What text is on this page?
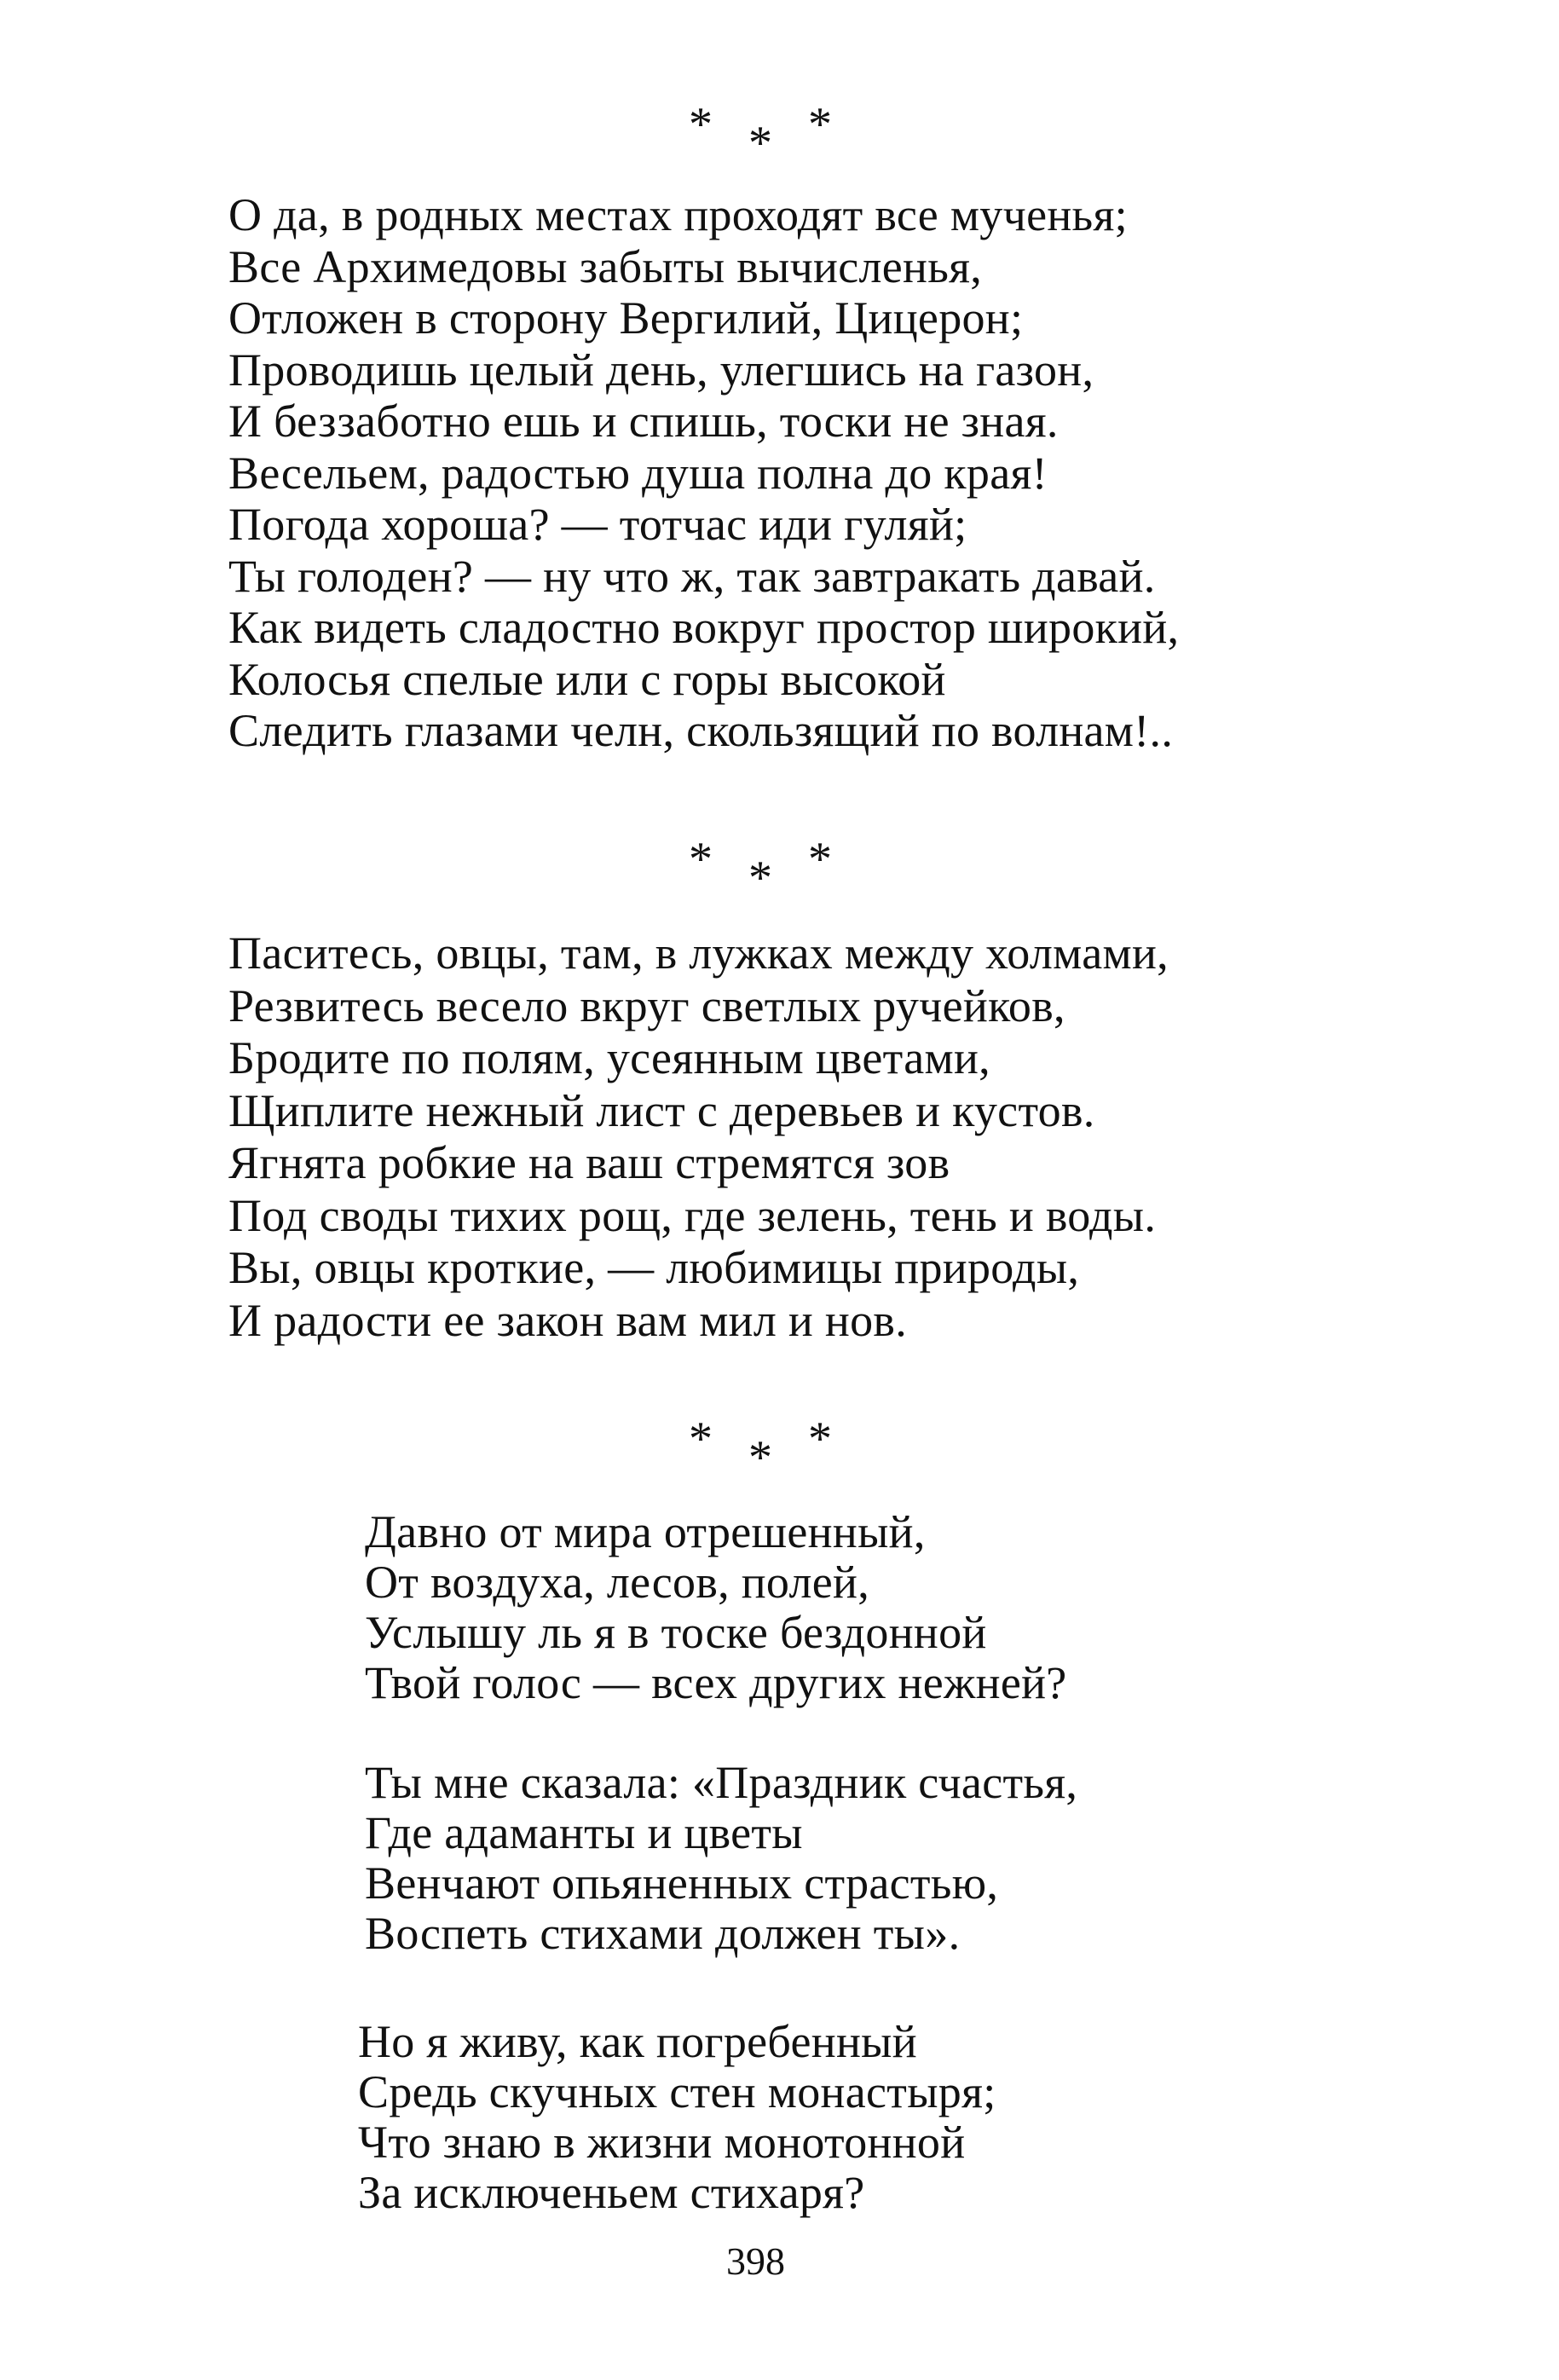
* * *
О да, в родных местах проходят все мученья;
Все Архимедовы забыты вычисленья,
Отложен в сторону Вергилий, Цицерон;
Проводишь целый день, улегшись на газон,
И беззаботно ешь и спишь, тоски не зная.
Весельем, радостью душа полна до края!
Погода хороша? — тотчас иди гуляй;
Ты голоден? — ну что ж, так завтракать давай.
Как видеть сладостно вокруг простор широкий,
Колосья спелые или с горы высокой
Следить глазами челн, скользящий по волнам!..
* * *
Паситесь, овцы, там, в лужках между холмами,
Резвитесь весело вкруг светлых ручейков,
Бродите по полям, усеянным цветами,
Щиплите нежный лист с деревьев и кустов.
Ягнята робкие на ваш стремятся зов
Под своды тихих рощ, где зелень, тень и воды.
Вы, овцы кроткие, — любимицы природы,
И радости ее закон вам мил и нов.
* * *
Давно от мира отрешенный,
От воздуха, лесов, полей,
Услышу ль я в тоске бездонной
Твой голос — всех других нежней?
Ты мне сказала: «Праздник счастья,
Где адаманты и цветы
Венчают опьяненных страстью,
Воспеть стихами должен ты».
Но я живу, как погребенный
Средь скучных стен монастыря;
Что знаю в жизни монотонной
За исключеньем стихаря?
398
